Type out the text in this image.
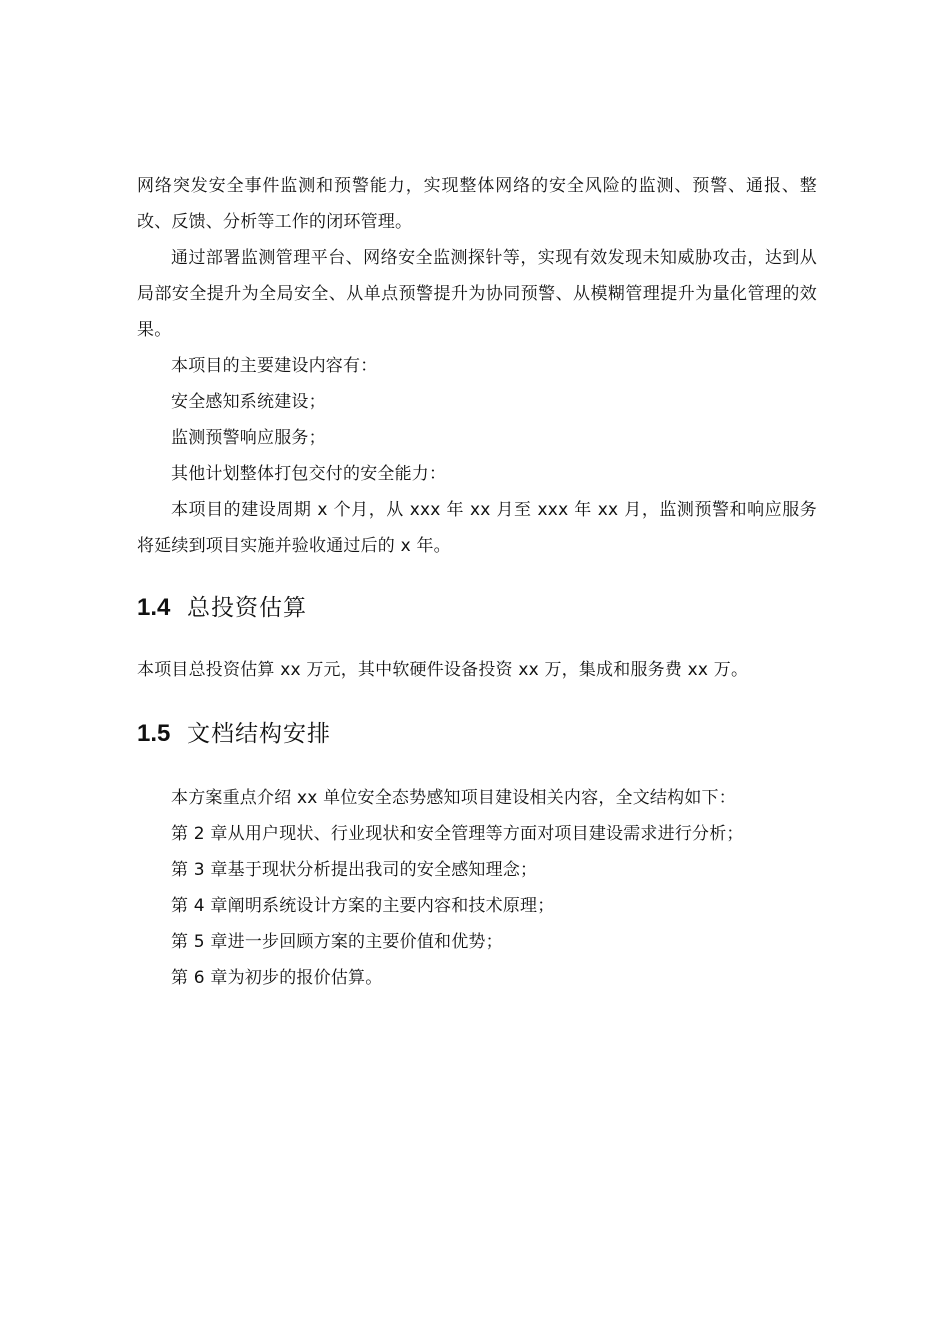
网络突发安全事件监测和预警能力，实现整体网络的安全风险的监测、预警、通报、整改、反馈、分析等工作的闭环管理。

通过部署监测管理平台、网络安全监测探针等，实现有效发现未知威胁攻击，达到从局部安全提升为全局安全、从单点预警提升为协同预警、从模糊管理提升为量化管理的效果。

本项目的主要建设内容有：

安全感知系统建设；

监测预警响应服务；

其他计划整体打包交付的安全能力：

本项目的建设周期 x 个月，从 xxx 年 xx 月至 xxx 年 xx 月，监测预警和响应服务将延续到项目实施并验收通过后的 x 年。

1.4 总投资估算

本项目总投资估算 xx 万元，其中软硬件设备投资 xx 万，集成和服务费 xx 万。

1.5 文档结构安排

本方案重点介绍 xx 单位安全态势感知项目建设相关内容，全文结构如下：

第 2 章从用户现状、行业现状和安全管理等方面对项目建设需求进行分析；

第 3 章基于现状分析提出我司的安全感知理念；

第 4 章阐明系统设计方案的主要内容和技术原理；

第 5 章进一步回顾方案的主要价值和优势；

第 6 章为初步的报价估算。
